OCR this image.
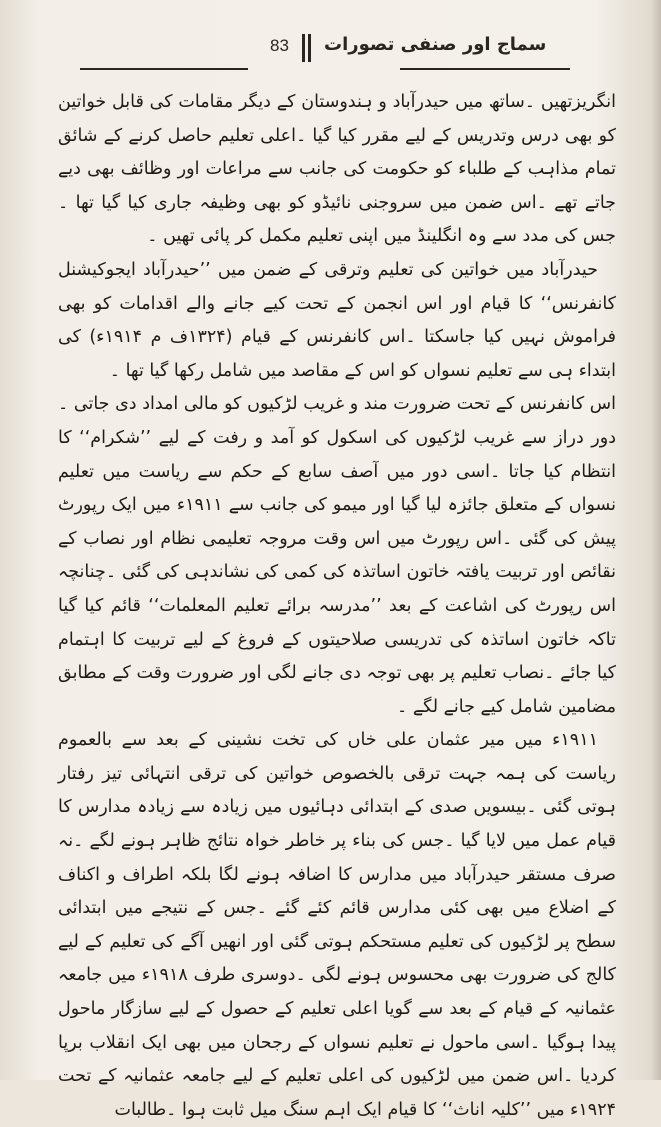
83 سماج اور صنفی تصورات

انگریزتھیں ۔ساتھ میں حیدرآباد و ہندوستان کے دیگر مقامات کی قابل خواتین کو بھی درس وتدریس کے لیے مقرر کیا گیا ۔اعلی تعلیم حاصل کرنے کے شائق تمام مذاہب کے طلباء کو حکومت کی جانب سے مراعات اور وظائف بھی دیے جاتے تھے ۔اس ضمن میں سروجنی نائیڈو کو بھی وظیفہ جاری کیا گیا تھا ۔جس کی مدد سے وہ انگلینڈ میں اپنی تعلیم مکمل کر پائی تھیں ۔

حیدرآباد میں خواتین کی تعلیم وترقی کے ضمن میں ’’حیدرآباد ایجوکیشنل کانفرنس‘‘ کا قیام اور اس انجمن کے تحت کیے جانے والے اقدامات کو بھی فراموش نہیں کیا جاسکتا ۔اس کانفرنس کے قیام (۱۳۲۴ف م ۱۹۱۴ء) کی ابتداء ہی سے تعلیم نسواں کو اس کے مقاصد میں شامل رکھا گیا تھا ۔

اس کانفرنس کے تحت ضرورت مند و غریب لڑکیوں کو مالی امداد دی جاتی ۔دور دراز سے غریب لڑکیوں کی اسکول کو آمد و رفت کے لیے ’’شکرام‘‘ کا انتظام کیا جاتا ۔اسی دور میں آصف سابع کے حکم سے ریاست میں تعلیم نسواں کے متعلق جائزہ لیا گیا اور میمو کی جانب سے ۱۹۱۱ء میں ایک رپورٹ پیش کی گئی ۔اس رپورٹ میں اس وقت مروجہ تعلیمی نظام اور نصاب کے نقائص اور تربیت یافتہ خاتون اساتذہ کی کمی کی نشاندہی کی گئی ۔چنانچہ اس رپورٹ کی اشاعت کے بعد ’’مدرسہ برائے تعلیم المعلمات‘‘ قائم کیا گیا تاکہ خاتون اساتذہ کی تدریسی صلاحیتوں کے فروغ کے لیے تربیت کا اہتمام کیا جائے ۔نصاب تعلیم پر بھی توجہ دی جانے لگی اور ضرورت وقت کے مطابق مضامین شامل کیے جانے لگے ۔

۱۹۱۱ء میں میر عثمان علی خاں کی تخت نشینی کے بعد سے بالعموم ریاست کی ہمہ جہت ترقی بالخصوص خواتین کی ترقی انتہائی تیز رفتار ہوتی گئی ۔بیسویں صدی کے ابتدائی دہائیوں میں زیادہ سے زیادہ مدارس کا قیام عمل میں لایا گیا ۔جس کی بناء پر خاطر خواہ نتائج ظاہر ہونے لگے ۔نہ صرف مستقر حیدرآباد میں مدارس کا اضافہ ہونے لگا بلکہ اطراف و اکناف کے اضلاع میں بھی کئی مدارس قائم کئے گئے ۔جس کے نتیجے میں ابتدائی سطح پر لڑکیوں کی تعلیم مستحکم ہوتی گئی اور انھیں آگے کی تعلیم کے لیے کالج کی ضرورت بھی محسوس ہونے لگی ۔دوسری طرف ۱۹۱۸ء میں جامعہ عثمانیہ کے قیام کے بعد سے گویا اعلی تعلیم کے حصول کے لیے سازگار ماحول پیدا ہوگیا ۔اسی ماحول نے تعلیم نسواں کے رجحان میں بھی ایک انقلاب برپا کردیا ۔اس ضمن میں لڑکیوں کی اعلی تعلیم کے لیے جامعہ عثمانیہ کے تحت ۱۹۲۴ء میں ’’کلیہ اناث‘‘ کا قیام ایک اہم سنگ میل ثابت ہوا ۔طالبات
